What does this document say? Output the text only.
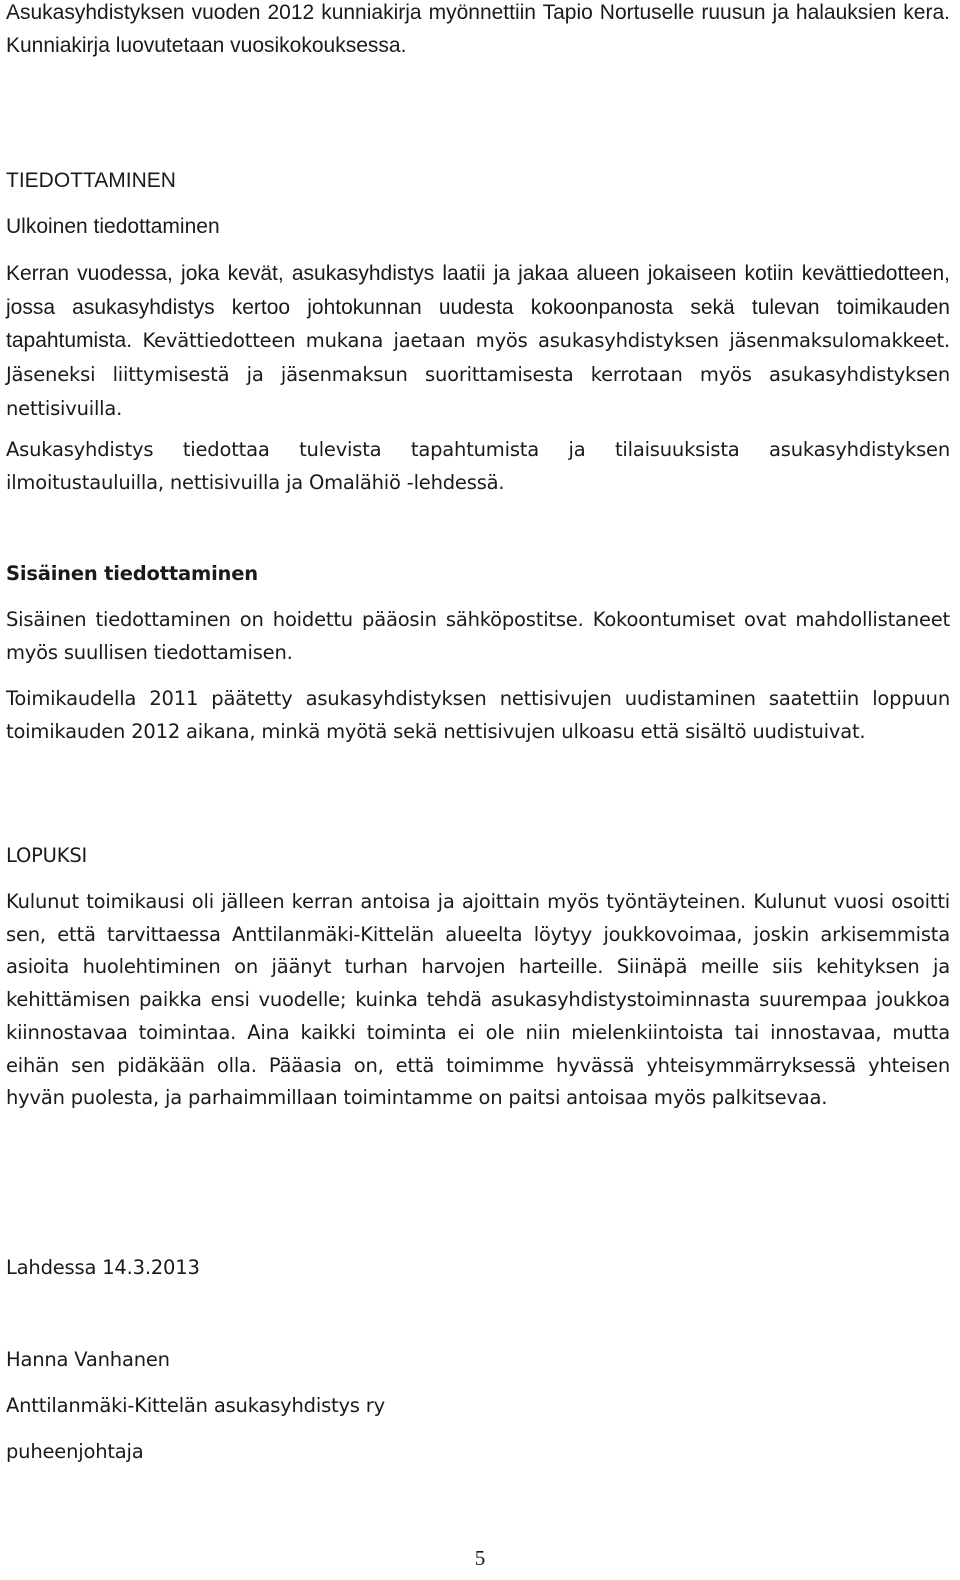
Asukasyhdistyksen vuoden 2012 kunniakirja myönnettiin Tapio Nortuselle ruusun ja halauksien kera. Kunniakirja luovutetaan vuosikokouksessa.

TIEDOTTAMINEN

Ulkoinen tiedottaminen

Kerran vuodessa, joka kevät, asukasyhdistys laatii ja jakaa alueen jokaiseen kotiin kevättiedotteen, jossa asukasyhdistys kertoo johtokunnan uudesta kokoonpanosta sekä tulevan toimikauden tapahtumista. Kevättiedotteen mukana jaetaan myös asukasyhdistyksen jäsenmaksulomakkeet. Jäseneksi liittymisestä ja jäsenmaksun suorittamisesta kerrotaan myös asukasyhdistyksen nettisivuilla.

Asukasyhdistys tiedottaa tulevista tapahtumista ja tilaisuuksista asukasyhdistyksen ilmoitustauluilla, nettisivuilla ja Omalähiö -lehdessä.

Sisäinen tiedottaminen

Sisäinen tiedottaminen on hoidettu pääosin sähköpostitse. Kokoontumiset ovat mahdollistaneet myös suullisen tiedottamisen.

Toimikaudella 2011 päätetty asukasyhdistyksen nettisivujen uudistaminen saatettiin loppuun toimikauden 2012 aikana, minkä myötä sekä nettisivujen ulkoasu että sisältö uudistuivat.

LOPUKSI

Kulunut toimikausi oli jälleen kerran antoisa ja ajoittain myös työntäyteinen. Kulunut vuosi osoitti sen, että tarvittaessa Anttilanmäki-Kittelän alueelta löytyy joukkovoimaa, joskin arkisemmista asioita huolehtiminen on jäänyt turhan harvojen harteille. Siinäpä meille siis kehityksen ja kehittämisen paikka ensi vuodelle; kuinka tehdä asukasyhdistystoiminnasta suurempaa joukkoa kiinnostavaa toimintaa. Aina kaikki toiminta ei ole niin mielenkiintoista tai innostavaa, mutta eihän sen pidäkään olla. Pääasia on, että toimimme hyvässä yhteisymmärryksessä yhteisen hyvän puolesta, ja parhaimmillaan toimintamme on paitsi antoisaa myös palkitsevaa.

Lahdessa 14.3.2013

Hanna Vanhanen

Anttilanmäki-Kittelän asukasyhdistys ry

puheenjohtaja

5
